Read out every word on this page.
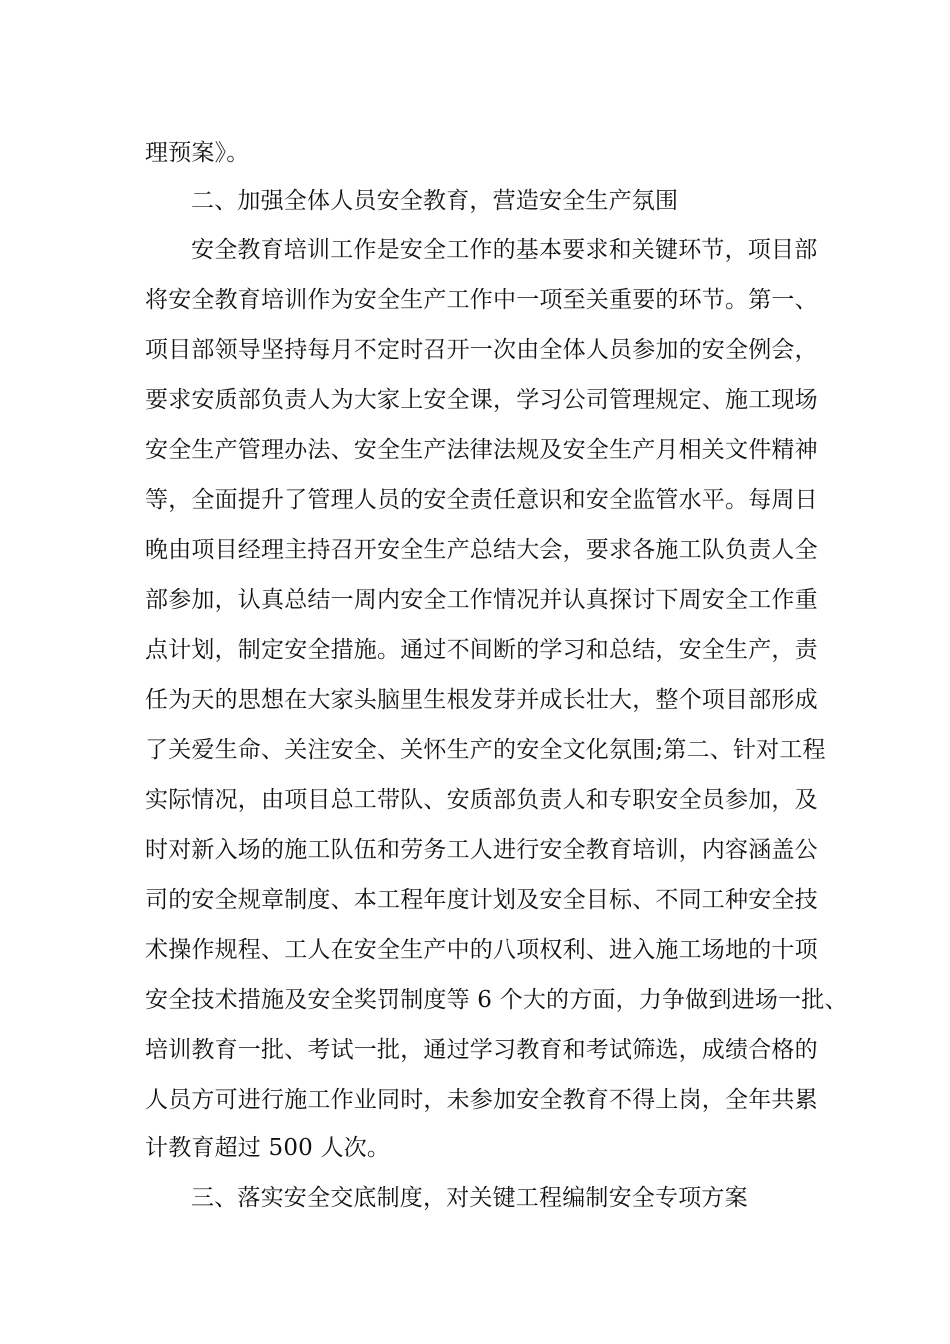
理预案》。
二、加强全体人员安全教育，营造安全生产氛围
安全教育培训工作是安全工作的基本要求和关键环节，项目部
将安全教育培训作为安全生产工作中一项至关重要的环节。第一、
项目部领导坚持每月不定时召开一次由全体人员参加的安全例会，
要求安质部负责人为大家上安全课，学习公司管理规定、施工现场
安全生产管理办法、安全生产法律法规及安全生产月相关文件精神
等，全面提升了管理人员的安全责任意识和安全监管水平。每周日
晚由项目经理主持召开安全生产总结大会，要求各施工队负责人全
部参加，认真总结一周内安全工作情况并认真探讨下周安全工作重
点计划，制定安全措施。通过不间断的学习和总结，安全生产，责
任为天的思想在大家头脑里生根发芽并成长壮大，整个项目部形成
了关爱生命、关注安全、关怀生产的安全文化氛围;第二、针对工程
实际情况，由项目总工带队、安质部负责人和专职安全员参加，及
时对新入场的施工队伍和劳务工人进行安全教育培训，内容涵盖公
司的安全规章制度、本工程年度计划及安全目标、不同工种安全技
术操作规程、工人在安全生产中的八项权利、进入施工场地的十项
安全技术措施及安全奖罚制度等 6 个大的方面，力争做到进场一批、
培训教育一批、考试一批，通过学习教育和考试筛选，成绩合格的
人员方可进行施工作业同时，未参加安全教育不得上岗，全年共累
计教育超过 500 人次。
三、落实安全交底制度，对关键工程编制安全专项方案
